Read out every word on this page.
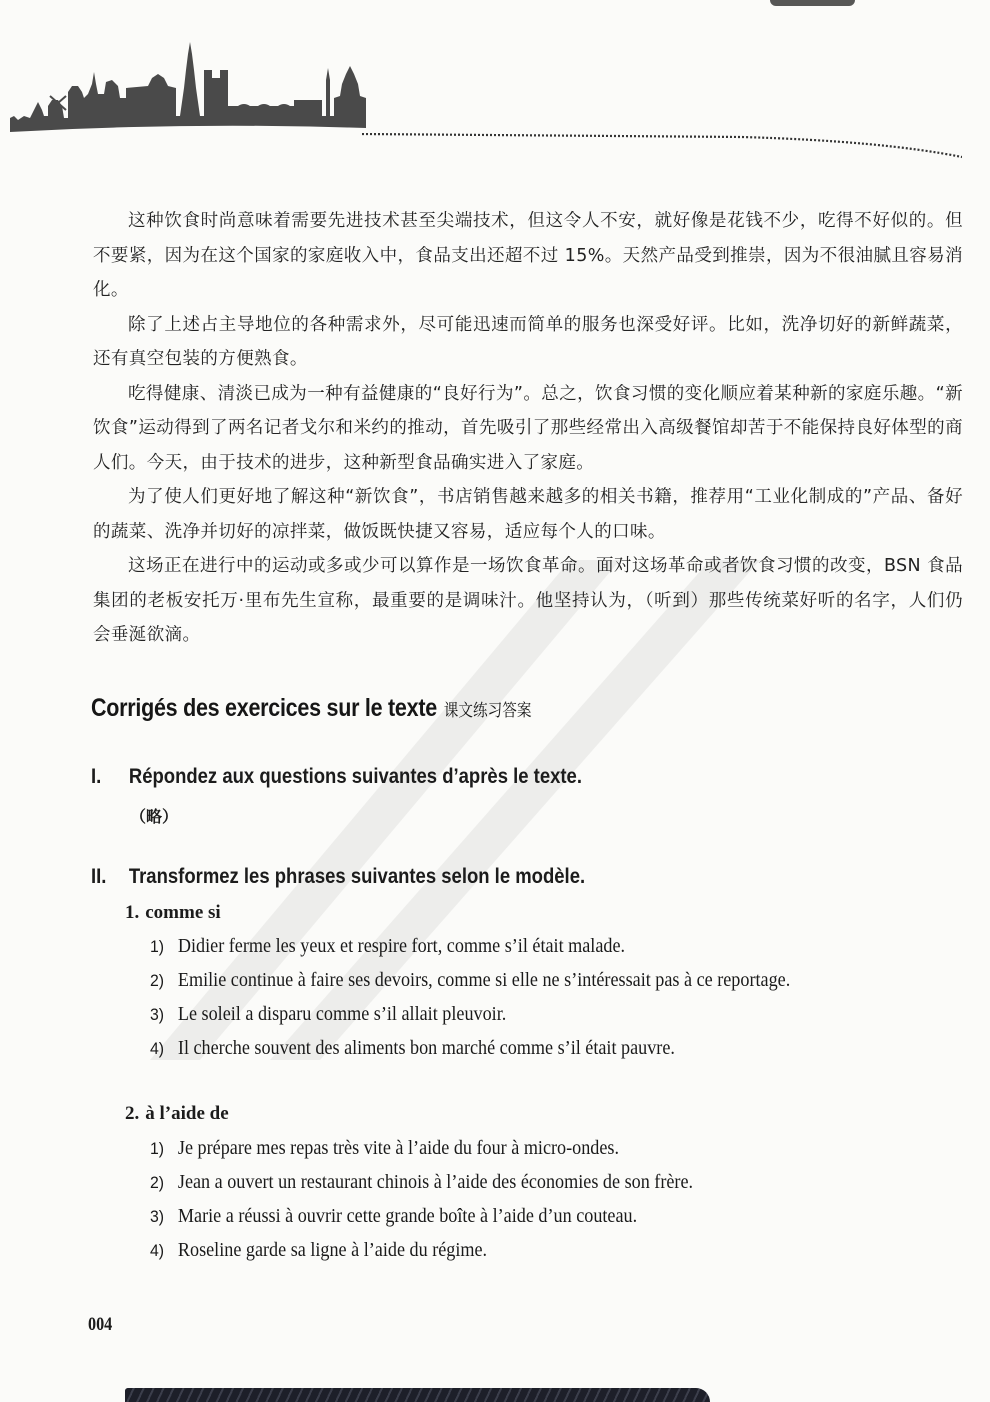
这种饮食时尚意味着需要先进技术甚至尖端技术，但这令人不安，就好像是花钱不少，吃得不好似的。但不要紧，因为在这个国家的家庭收入中，食品支出还超不过 15%。天然产品受到推崇，因为不很油腻且容易消化。

除了上述占主导地位的各种需求外，尽可能迅速而简单的服务也深受好评。比如，洗净切好的新鲜蔬菜，还有真空包装的方便熟食。

吃得健康、清淡已成为一种有益健康的“良好行为”。总之，饮食习惯的变化顺应着某种新的家庭乐趣。“新饮食”运动得到了两名记者戈尔和米约的推动，首先吸引了那些经常出入高级餐馆却苦于不能保持良好体型的商人们。今天，由于技术的进步，这种新型食品确实进入了家庭。

为了使人们更好地了解这种“新饮食”，书店销售越来越多的相关书籍，推荐用“工业化制成的”产品、备好的蔬菜、洗净并切好的凉拌菜，做饭既快捷又容易，适应每个人的口味。

这场正在进行中的运动或多或少可以算作是一场饮食革命。面对这场革命或者饮食习惯的改变，BSN 食品集团的老板安托万·里布先生宣称，最重要的是调味汁。他坚持认为，（听到）那些传统菜好听的名字，人们仍会垂涎欲滴。

Corrigés des exercices sur le texte 课文练习答案
I. Répondez aux questions suivantes d’après le texte.
（略）
II. Transformez les phrases suivantes selon le modèle.
1. comme si
1) Didier ferme les yeux et respire fort, comme s’il était malade.
2) Emilie continue à faire ses devoirs, comme si elle ne s’intéressait pas à ce reportage.
3) Le soleil a disparu comme s’il allait pleuvoir.
4) Il cherche souvent des aliments bon marché comme s’il était pauvre.
2. à l’aide de
1) Je prépare mes repas très vite à l’aide du four à micro-ondes.
2) Jean a ouvert un restaurant chinois à l’aide des économies de son frère.
3) Marie a réussi à ouvrir cette grande boîte à l’aide d’un couteau.
4) Roseline garde sa ligne à l’aide du régime.
004
